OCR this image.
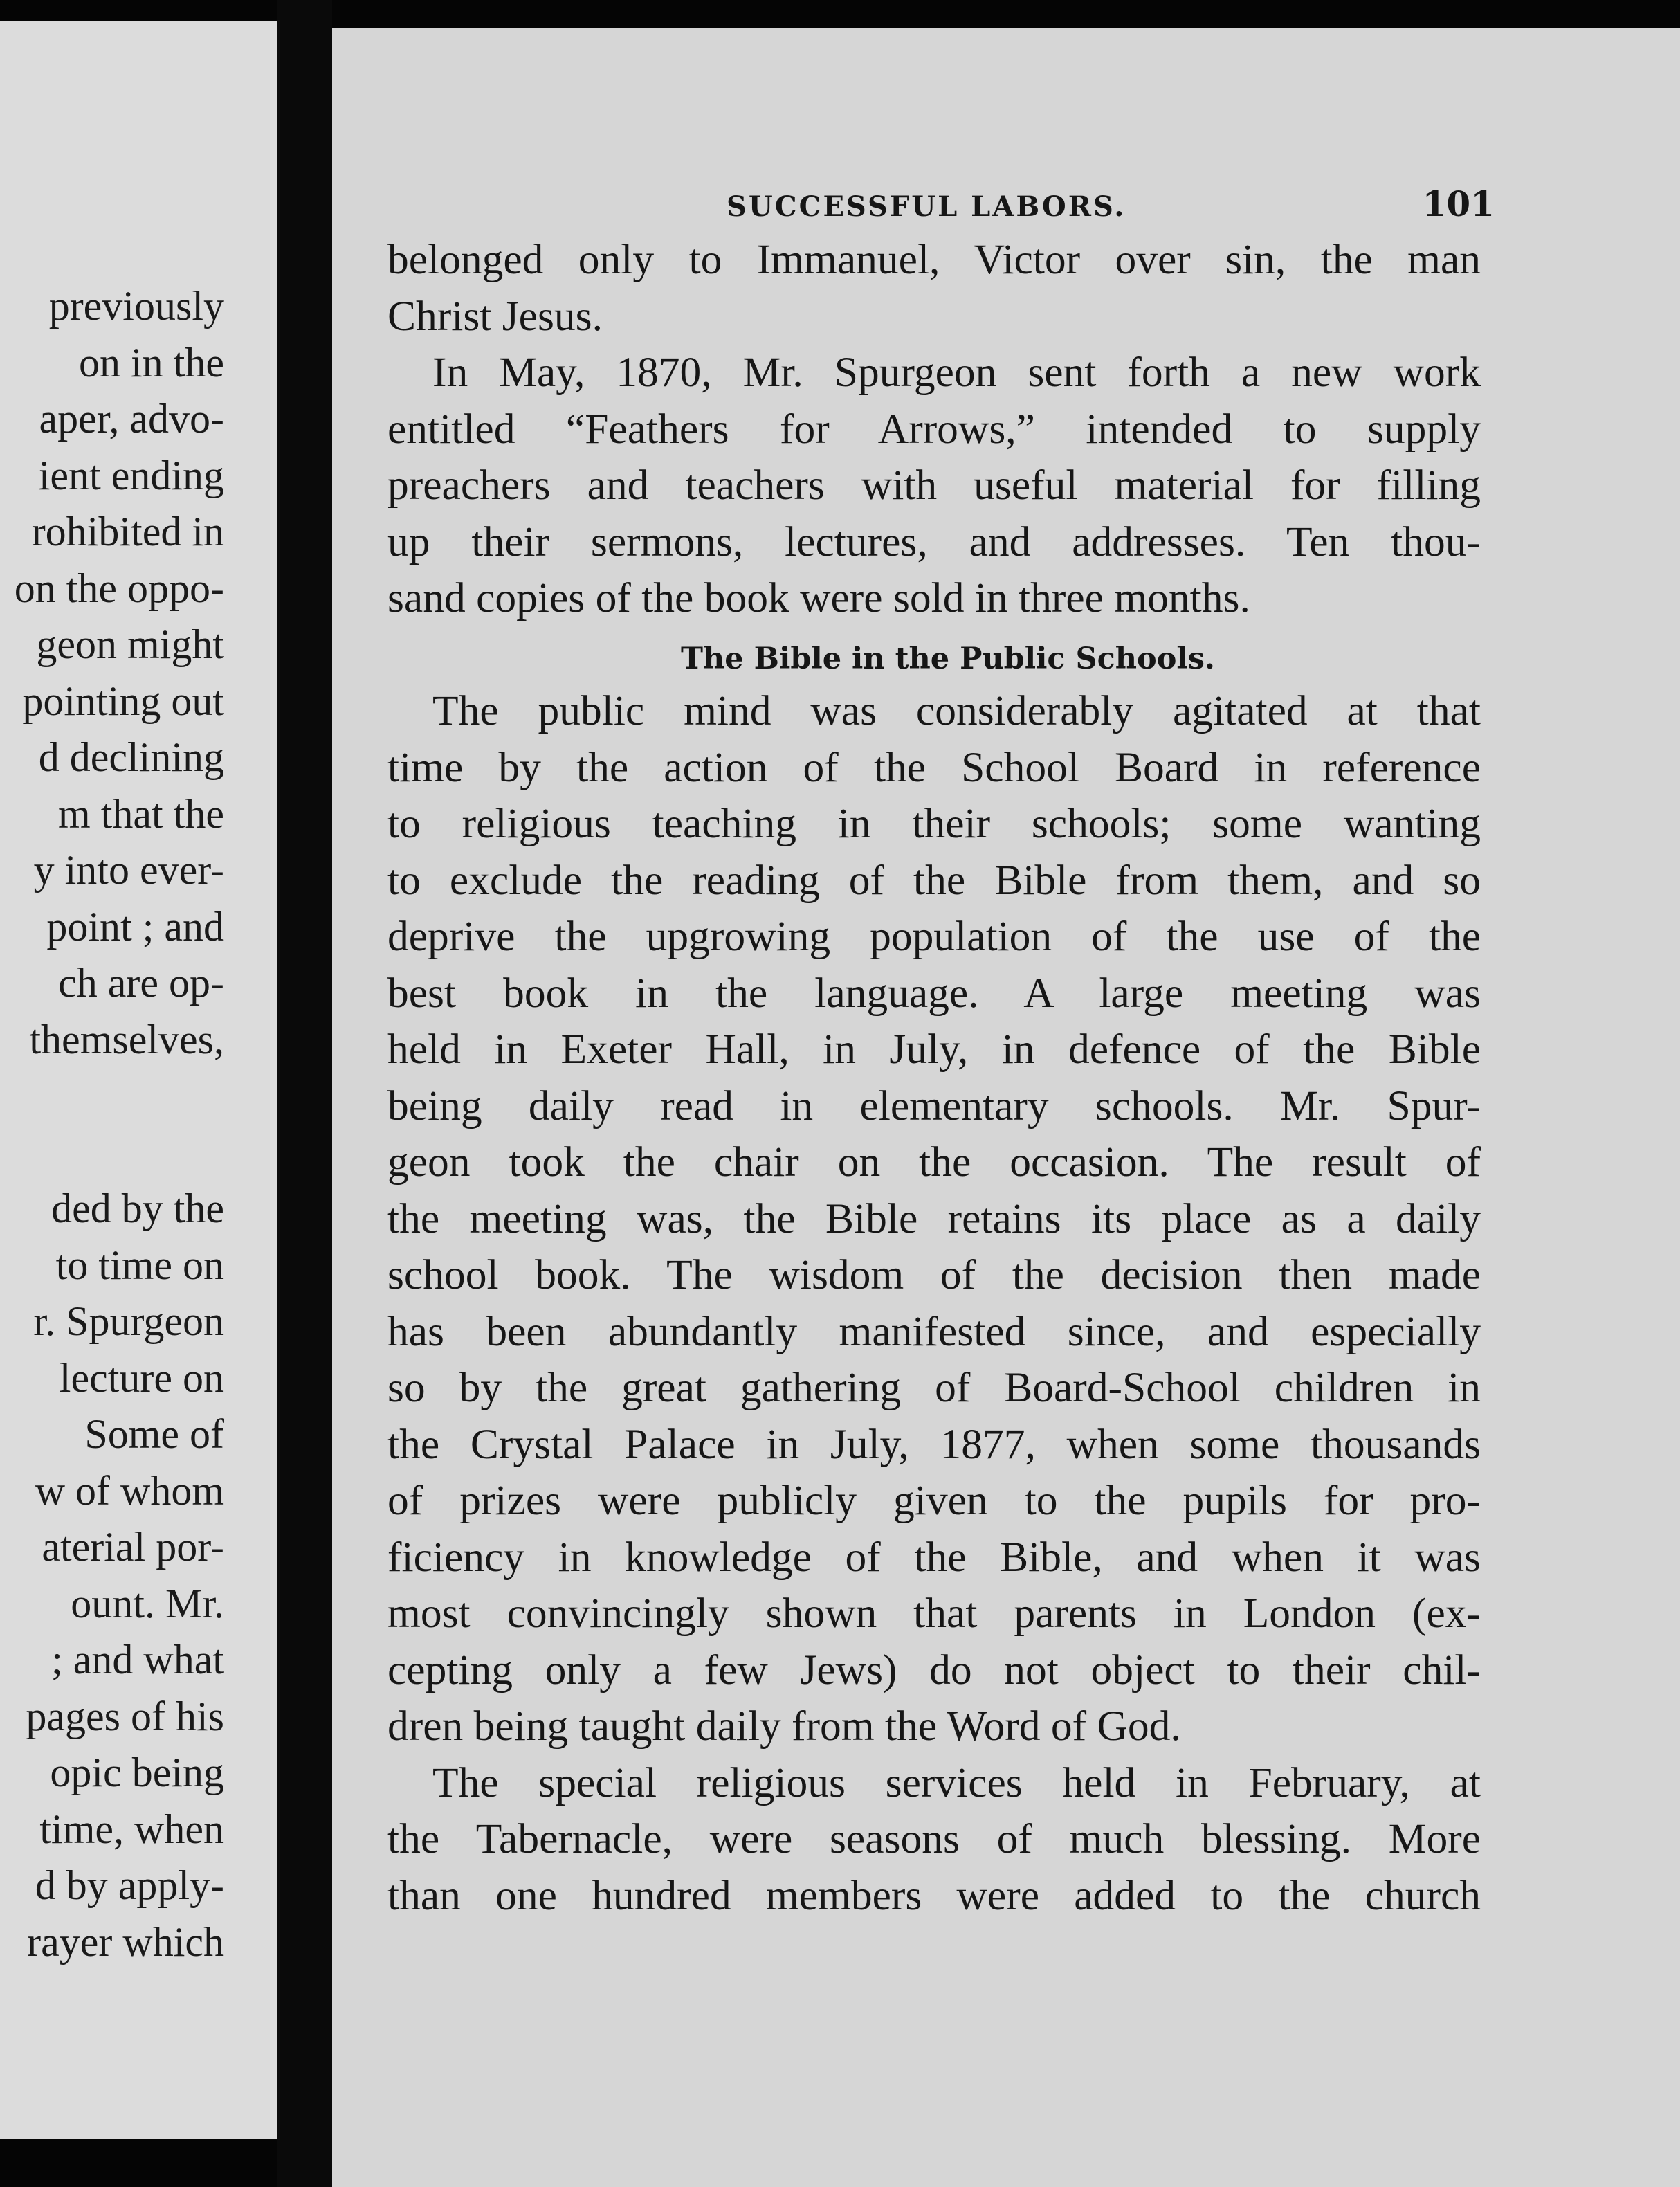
previously
on in the
aper, advo-
ient ending
rohibited in
on the oppo-
geon might
pointing out
d declining
m that the
y into ever-
point ; and
ch are op-
themselves,
ded by the
to time on
r. Spurgeon
lecture on
Some of
w of whom
aterial por-
ount. Mr.
; and what
pages of his
opic being
time, when
d by apply-
rayer which
SUCCESSFUL LABORS.	101
belonged only to Immanuel, Victor over sin, the man
Christ Jesus.
In May, 1870, Mr. Spurgeon sent forth a new work
entitled “Feathers for Arrows,” intended to supply
preachers and teachers with useful material for filling
up their sermons, lectures, and addresses. Ten thou-
sand copies of the book were sold in three months.
The Bible in the Public Schools.
The public mind was considerably agitated at that
time by the action of the School Board in reference
to religious teaching in their schools; some wanting
to exclude the reading of the Bible from them, and so
deprive the upgrowing population of the use of the
best book in the language. A large meeting was
held in Exeter Hall, in July, in defence of the Bible
being daily read in elementary schools. Mr. Spur-
geon took the chair on the occasion. The result of
the meeting was, the Bible retains its place as a daily
school book. The wisdom of the decision then made
has been abundantly manifested since, and especially
so by the great gathering of Board-School children in
the Crystal Palace in July, 1877, when some thousands
of prizes were publicly given to the pupils for pro-
ficiency in knowledge of the Bible, and when it was
most convincingly shown that parents in London (ex-
cepting only a few Jews) do not object to their chil-
dren being taught daily from the Word of God.
The special religious services held in February, at
the Tabernacle, were seasons of much blessing. More
than one hundred members were added to the church
